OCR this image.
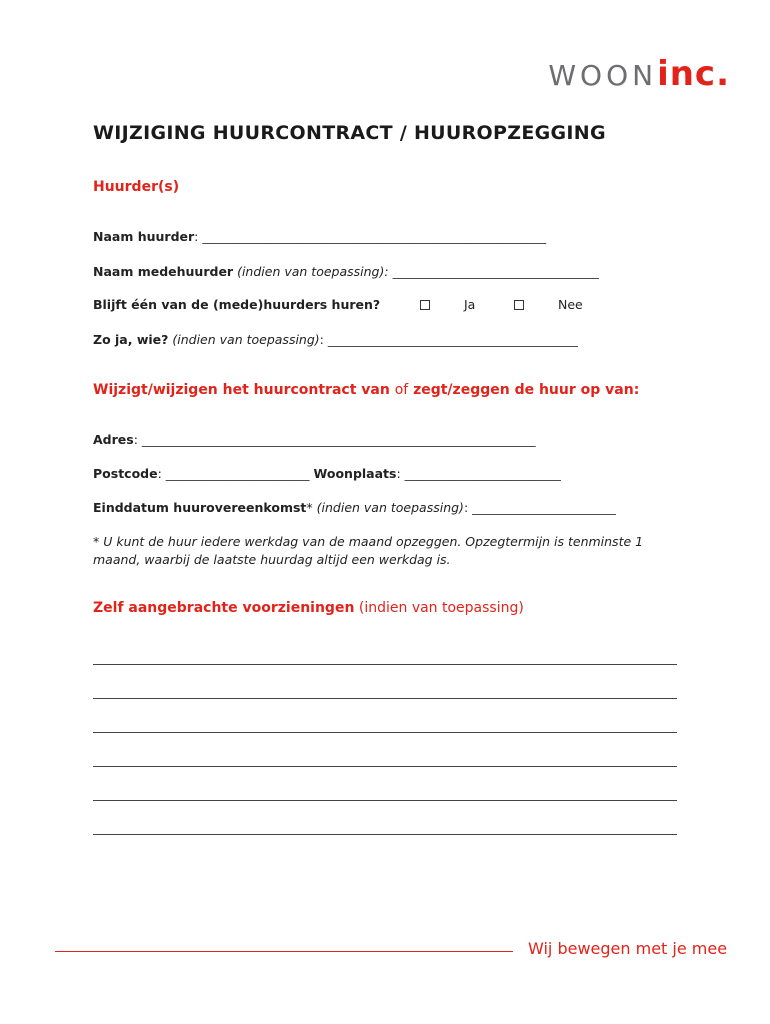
WOONinc.
WIJZIGING HUURCONTRACT / HUUROPZEGGING
Huurder(s)
Naam huurder: _______________________________________________________
Naam medehuurder (indien van toepassing): _________________________________
Blijft één van de (mede)huurders huren?	Ja	Nee
Zo ja, wie? (indien van toepassing): ________________________________________
Wijzigt/wijzigen het huurcontract van of zegt/zeggen de huur op van:
Adres: _______________________________________________________________
Postcode: _______________________ Woonplaats: _________________________
Einddatum huurovereenkomst* (indien van toepassing): _______________________
* U kunt de huur iedere werkdag van de maand opzeggen. Opzegtermijn is tenminste 1 maand, waarbij de laatste huurdag altijd een werkdag is.
Zelf aangebrachte voorzieningen (indien van toepassing)
Wij bewegen met je mee
